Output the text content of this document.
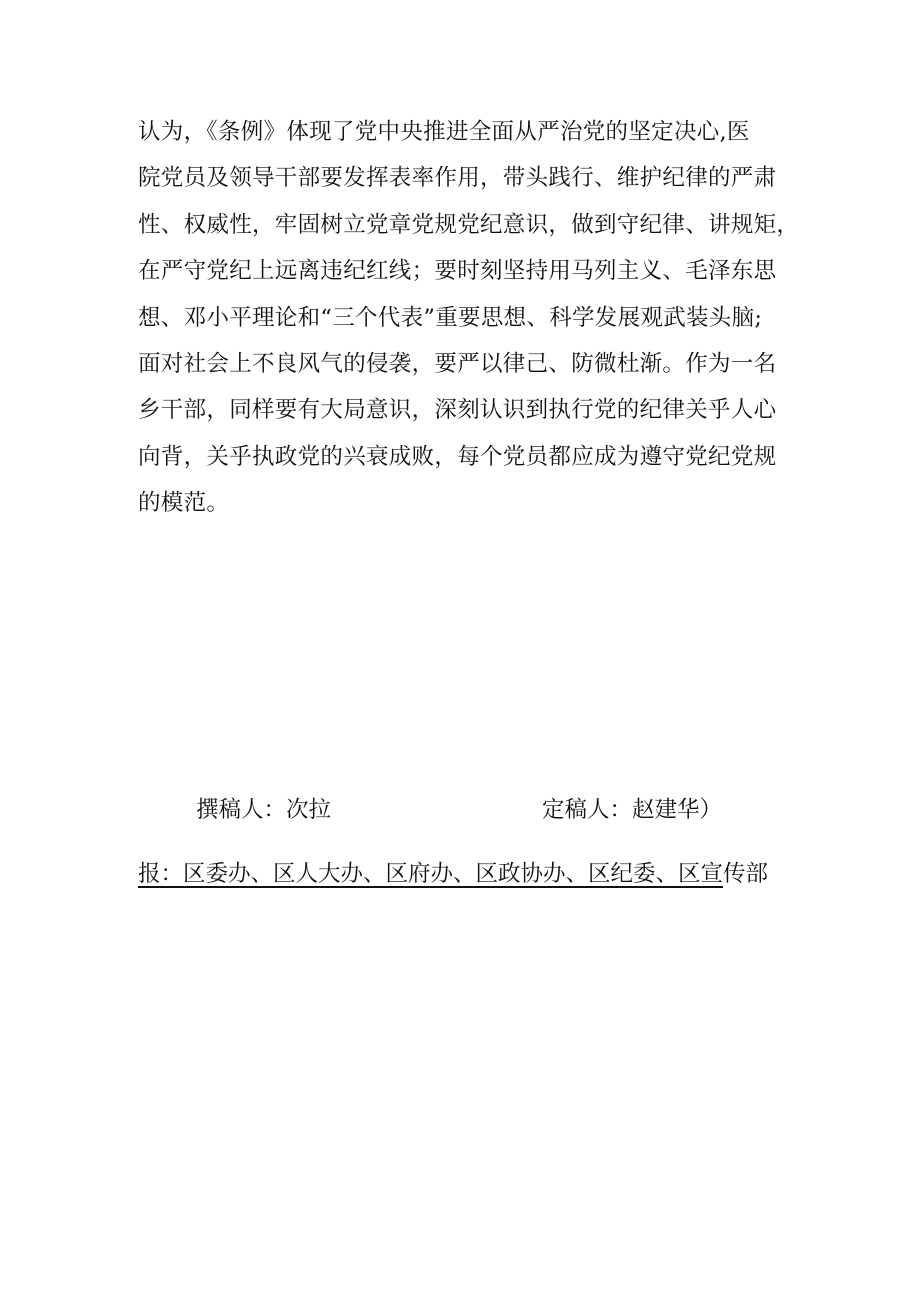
认为，《条例》体现了党中央推进全面从严治党的坚定决心,医
院党员及领导干部要发挥表率作用，带头践行、维护纪律的严肃
性、权威性，牢固树立党章党规党纪意识，做到守纪律、讲规矩，
在严守党纪上远离违纪红线；要时刻坚持用马列主义、毛泽东思
想、邓小平理论和“三个代表”重要思想、科学发展观武装头脑;
面对社会上不良风气的侵袭，要严以律己、防微杜渐。作为一名
乡干部，同样要有大局意识，深刻认识到执行党的纪律关乎人心
向背，关乎执政党的兴衰成败，每个党员都应成为遵守党纪党规
的模范。
撰稿人：次拉	定稿人：赵建华）
报：区委办、区人大办、区府办、区政协办、区纪委、区宣传部
